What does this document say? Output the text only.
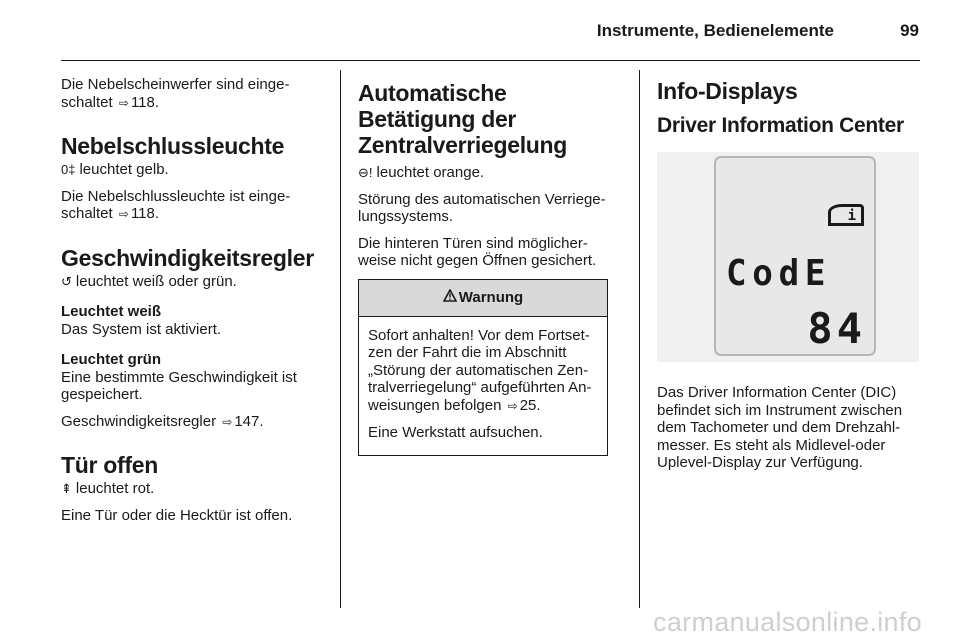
Instrumente, Bedienelemente	99

Die Nebelscheinwerfer sind einge-schaltet ⇨ 118.

Nebelschlussleuchte

0‡ leuchtet gelb.

Die Nebelschlussleuchte ist einge-schaltet ⇨ 118.

Geschwindigkeitsregler

↺ leuchtet weiß oder grün.

Leuchtet weiß

Das System ist aktiviert.

Leuchtet grün

Eine bestimmte Geschwindigkeit ist gespeichert.

Geschwindigkeitsregler ⇨ 147.

Tür offen

⇞ leuchtet rot.

Eine Tür oder die Hecktür ist offen.

Automatische Betätigung der Zentralverriegelung

⊖! leuchtet orange.

Störung des automatischen Verriege-lungssystems.

Die hinteren Türen sind möglicher-weise nicht gegen Öffnen gesichert.

Warnung

Sofort anhalten! Vor dem Fortset-zen der Fahrt die im Abschnitt „Störung der automatischen Zen-tralverriegelung“ aufgeführten An-weisungen befolgen ⇨ 25.

Eine Werkstatt aufsuchen.

Info-Displays
Driver Information Center
i
CodE
84

Das Driver Information Center (DIC) befindet sich im Instrument zwischen dem Tachometer und dem Drehzahl-messer. Es steht als Midlevel-oder Uplevel-Display zur Verfügung.

carmanualsonline.info
